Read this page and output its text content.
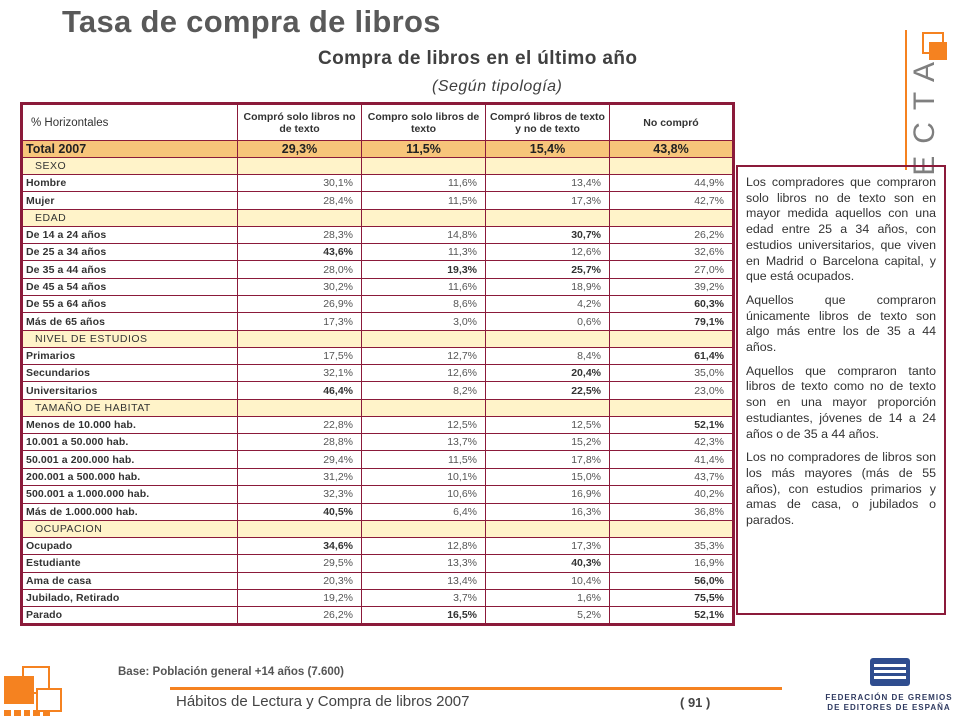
Tasa de compra de libros
Compra de libros en el último año
(Según tipología)	ECTA
% Horizontales	Compró solo libros no de texto	Compro solo libros de texto	Compró libros de texto y no de texto	No compró
Total 2007	29,3%	11,5%	15,4%	43,8%
SEXO				
Hombre	30,1%	11,6%	13,4%	44,9%
Mujer	28,4%	11,5%	17,3%	42,7%
EDAD				
De 14 a 24 años	28,3%	14,8%	30,7%	26,2%
De 25 a 34 años	43,6%	11,3%	12,6%	32,6%
De 35 a 44 años	28,0%	19,3%	25,7%	27,0%
De 45 a 54 años	30,2%	11,6%	18,9%	39,2%
De 55 a 64 años	26,9%	8,6%	4,2%	60,3%
Más de 65 años	17,3%	3,0%	0,6%	79,1%
NIVEL DE ESTUDIOS				
Primarios	17,5%	12,7%	8,4%	61,4%
Secundarios	32,1%	12,6%	20,4%	35,0%
Universitarios	46,4%	8,2%	22,5%	23,0%
TAMAÑO DE HABITAT				
Menos de 10.000 hab.	22,8%	12,5%	12,5%	52,1%
10.001 a 50.000 hab.	28,8%	13,7%	15,2%	42,3%
50.001 a 200.000 hab.	29,4%	11,5%	17,8%	41,4%
200.001 a 500.000 hab.	31,2%	10,1%	15,0%	43,7%
500.001 a 1.000.000 hab.	32,3%	10,6%	16,9%	40,2%
Más de 1.000.000 hab.	40,5%	6,4%	16,3%	36,8%
OCUPACION				
Ocupado	34,6%	12,8%	17,3%	35,3%
Estudiante	29,5%	13,3%	40,3%	16,9%
Ama de casa	20,3%	13,4%	10,4%	56,0%
Jubilado, Retirado	19,2%	3,7%	1,6%	75,5%
Parado	26,2%	16,5%	5,2%	52,1%
Base: Población general +14 años (7.600)

Los compradores que compraron solo libros no de texto son en mayor medida aquellos con una edad entre 25 a 34 años, con estudios universitarios, que viven en Madrid o Barcelona capital, y que está ocupados.

Aquellos que compraron únicamente libros de texto son algo más entre los de 35 a 44 años.

Aquellos que compraron tanto libros de texto como no de texto son en una mayor proporción estudiantes, jóvenes de 14 a 24 años o de 35 a 44 años.

Los no compradores de libros son los más mayores (más de 55 años), con estudios primarios y amas de casa, o jubilados o parados.

Hábitos de Lectura y Compra de libros 2007	( 91 )	FEDERACIÓN DE GREMIOS
DE EDITORES DE ESPAÑA
